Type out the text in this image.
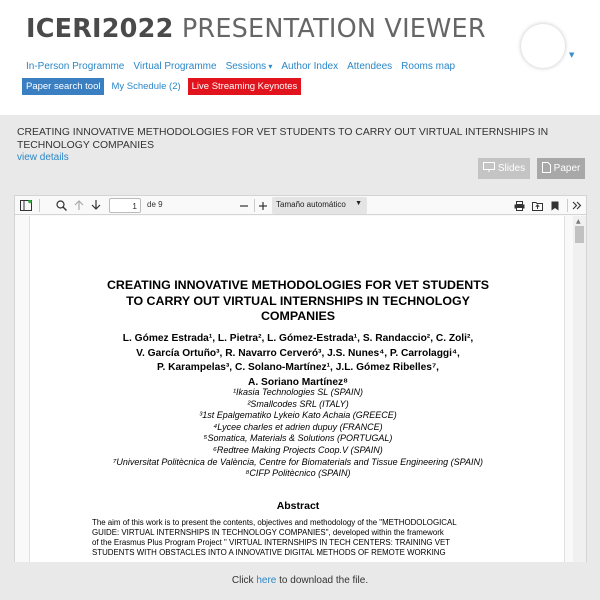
ICERI2022 PRESENTATION VIEWER
▼
In-Person Programme Virtual Programme Sessions ▾	Author Index Attendees Rooms map
Paper search tool	My Schedule (2)	Live Streaming Keynotes
CREATING INNOVATIVE METHODOLOGIES FOR VET STUDENTS TO CARRY OUT VIRTUAL INTERNSHIPS IN TECHNOLOGY COMPANIES
view details
Slides	Paper
1	de 9	Tamaño automático ▼
CREATING INNOVATIVE METHODOLOGIES FOR VET STUDENTS
TO CARRY OUT VIRTUAL INTERNSHIPS IN TECHNOLOGY
COMPANIES
L. Gómez Estrada¹, L. Pietra², L. Gómez-Estrada¹, S. Randaccio², C. Zoli²,
V. García Ortuño³, R. Navarro Cerveró³, J.S. Nunes⁴, P. Carrolaggi⁴,
P. Karampelas³, C. Solano-Martínez¹, J.L. Gómez Ribelles⁷,
A. Soriano Martínez⁸
¹Ikasia Technologies SL (SPAIN)
²Smallcodes SRL (ITALY)
³1st Epalgematiko Lykeio Kato Achaia (GREECE)
⁴Lycee charles et adrien dupuy (FRANCE)
⁵Somatica, Materials & Solutions (PORTUGAL)
⁶Redtree Making Projects Coop.V (SPAIN)
⁷Universitat Politècnica de València, Centre for Biomaterials and Tissue Engineering (SPAIN)
⁸CIFP Politècnico (SPAIN)
Abstract
The aim of this work is to present the contents, objectives and methodology of the "METHODOLOGICAL
GUIDE: VIRTUAL INTERNSHIPS IN TECHNOLOGY COMPANIES", developed within the framework
of the Erasmus Plus Program Project " VIRTUAL INTERNSHIPS IN TECH CENTERS: TRAINING VET
STUDENTS WITH OBSTACLES INTO A INNOVATIVE DIGITAL METHODS OF REMOTE WORKING
▲
Click here to download the file.
